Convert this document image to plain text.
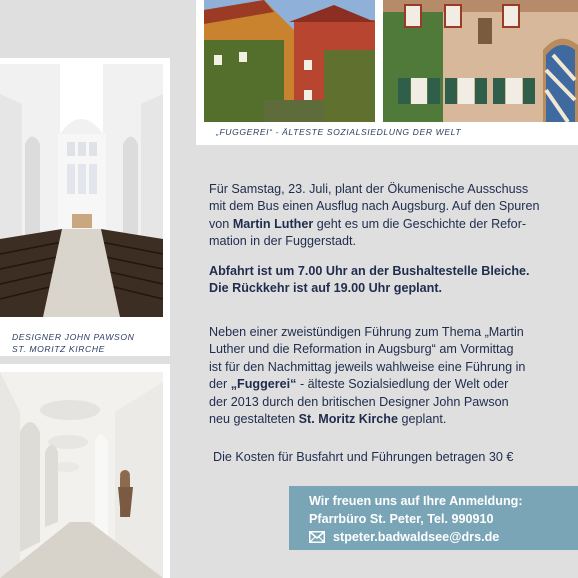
„FUGGEREI“ - ÄLTESTE SOZIALSIEDLUNG DER WELT
DESIGNER JOHN PAWSON
ST. MORITZ KIRCHE

Für Samstag, 23. Juli, plant der Ökumenische Ausschuss

mit dem Bus einen Ausflug nach Augsburg. Auf den Spuren

von Martin Luther geht es um die Geschichte der Refor-

mation in der Fuggerstadt.

Abfahrt ist um 7.00 Uhr an der Bushaltestelle Bleiche.

Die Rückkehr ist auf 19.00 Uhr geplant.

Neben einer zweistündigen Führung zum Thema „Martin

Luther und die Reformation in Augsburg“ am Vormittag

ist für den Nachmittag jeweils wahlweise eine Führung in

der „Fuggerei“ - älteste Sozialsiedlung der Welt oder

der 2013 durch den britischen Designer John Pawson

neu gestalteten St. Moritz Kirche geplant.

Die Kosten für Busfahrt und Führungen betragen 30 €
Wir freuen uns auf Ihre Anmeldung:
Pfarrbüro St. Peter, Tel. 990910
stpeter.badwaldsee@drs.de
